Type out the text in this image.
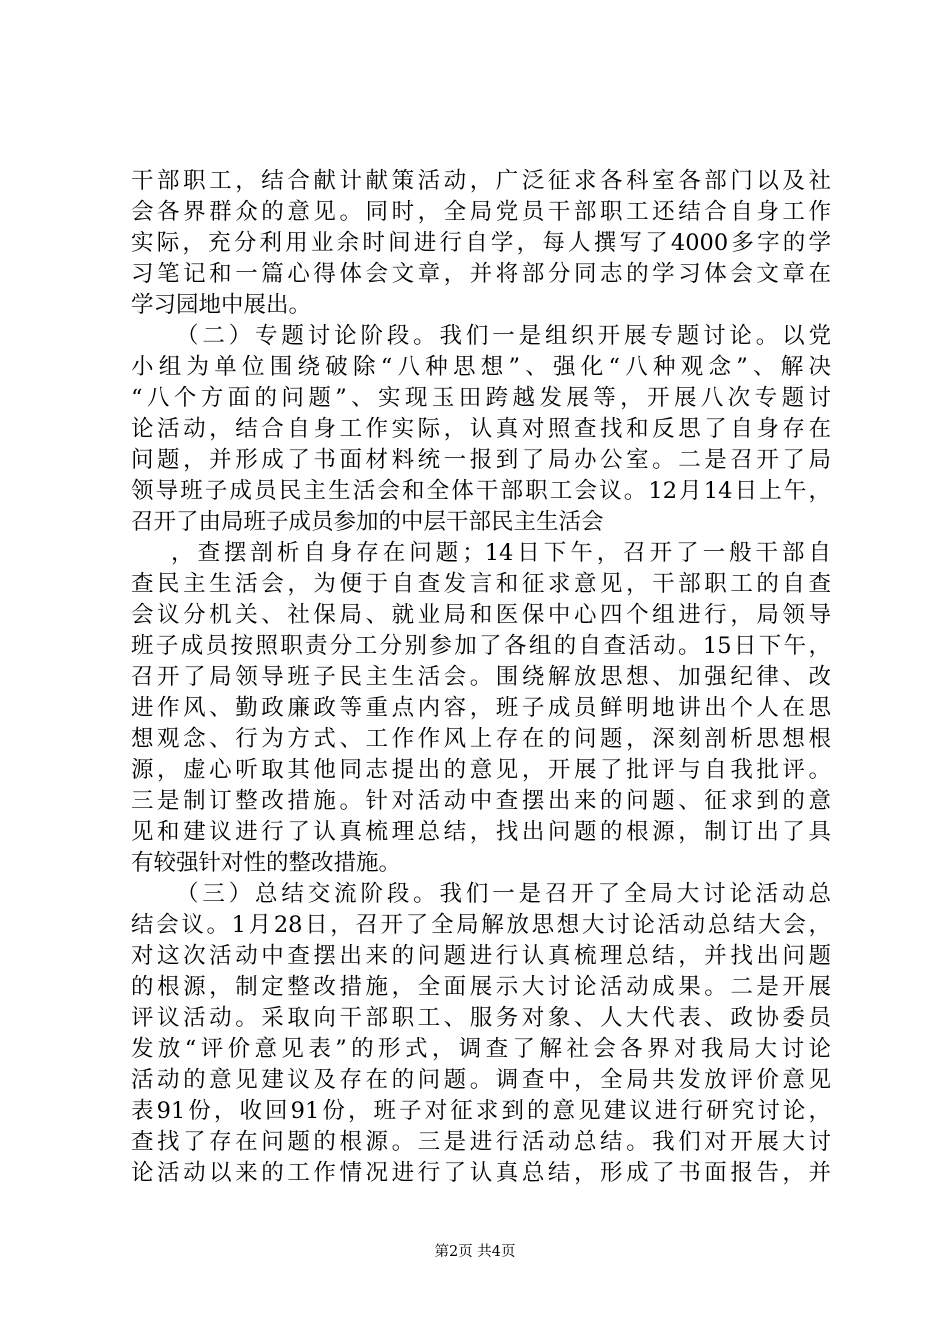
干部职工，结合献计献策活动，广泛征求各科室各部门以及社
会各界群众的意见。同时，全局党员干部职工还结合自身工作
实际，充分利用业余时间进行自学，每人撰写了4000多字的学
习笔记和一篇心得体会文章，并将部分同志的学习体会文章在
学习园地中展出。
（二）专题讨论阶段。我们一是组织开展专题讨论。以党
小组为单位围绕破除“八种思想”、强化“八种观念”、解决
“八个方面的问题”、实现玉田跨越发展等，开展八次专题讨
论活动，结合自身工作实际，认真对照查找和反思了自身存在
问题，并形成了书面材料统一报到了局办公室。二是召开了局
领导班子成员民主生活会和全体干部职工会议。12月14日上午，
召开了由局班子成员参加的中层干部民主生活会
，查摆剖析自身存在问题；14日下午，召开了一般干部自
查民主生活会，为便于自查发言和征求意见，干部职工的自查
会议分机关、社保局、就业局和医保中心四个组进行，局领导
班子成员按照职责分工分别参加了各组的自查活动。15日下午，
召开了局领导班子民主生活会。围绕解放思想、加强纪律、改
进作风、勤政廉政等重点内容，班子成员鲜明地讲出个人在思
想观念、行为方式、工作作风上存在的问题，深刻剖析思想根
源，虚心听取其他同志提出的意见，开展了批评与自我批评。
三是制订整改措施。针对活动中查摆出来的问题、征求到的意
见和建议进行了认真梳理总结，找出问题的根源，制订出了具
有较强针对性的整改措施。
（三）总结交流阶段。我们一是召开了全局大讨论活动总
结会议。1月28日，召开了全局解放思想大讨论活动总结大会，
对这次活动中查摆出来的问题进行认真梳理总结，并找出问题
的根源，制定整改措施，全面展示大讨论活动成果。二是开展
评议活动。采取向干部职工、服务对象、人大代表、政协委员
发放“评价意见表”的形式，调查了解社会各界对我局大讨论
活动的意见建议及存在的问题。调查中，全局共发放评价意见
表91份，收回91份，班子对征求到的意见建议进行研究讨论，
查找了存在问题的根源。三是进行活动总结。我们对开展大讨
论活动以来的工作情况进行了认真总结，形成了书面报告，并
第2页 共4页
